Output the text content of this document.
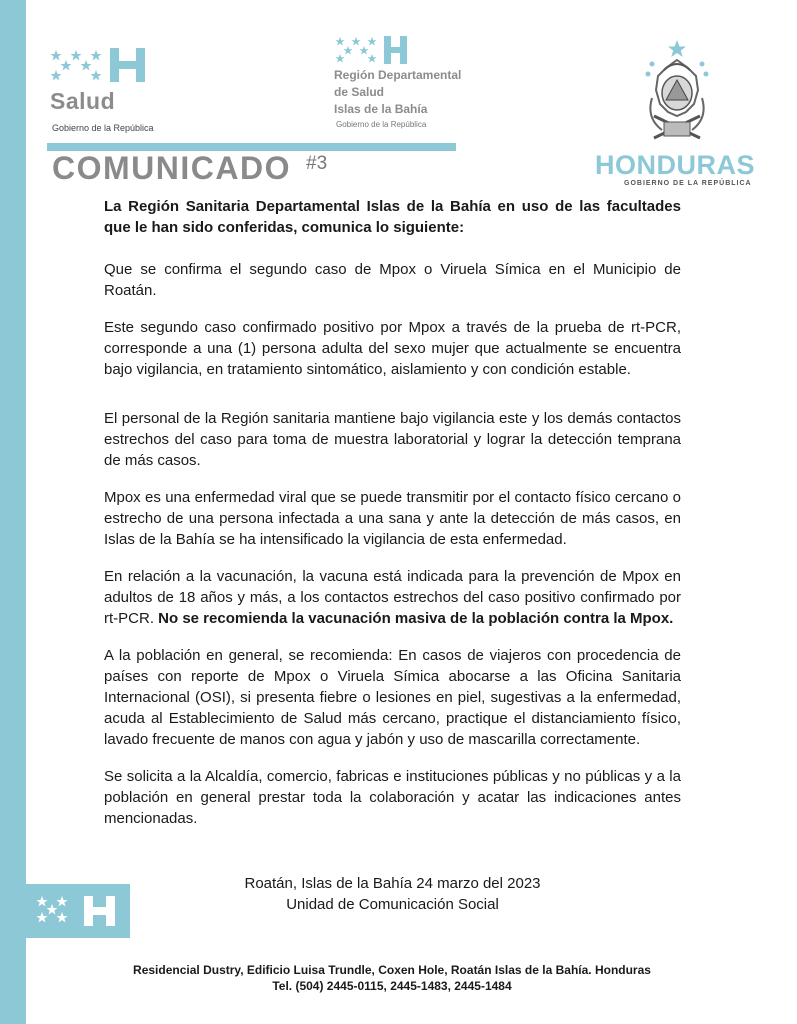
Salud
Gobierno de la República
Región Departamental
de Salud
Islas de la Bahía
Gobierno de la República
COMUNICADO #3	HONDURAS
GOBIERNO DE LA REPÚBLICA

La Región Sanitaria Departamental Islas de la Bahía en uso de las facultades que le han sido conferidas, comunica lo siguiente:

Que se confirma el segundo caso de Mpox o Viruela Símica en el Municipio de Roatán.

Este segundo caso confirmado positivo por Mpox a través de la prueba de rt-PCR, corresponde a una (1) persona adulta del sexo mujer que actualmente se encuentra bajo vigilancia, en tratamiento sintomático, aislamiento y con condición estable.

El personal de la Región sanitaria mantiene bajo vigilancia este y los demás contactos estrechos del caso para toma de muestra laboratorial y lograr la detección temprana de más casos.

Mpox es una enfermedad viral que se puede transmitir por el contacto físico cercano o estrecho de una persona infectada a una sana y ante la detección de más casos, en Islas de la Bahía se ha intensificado la vigilancia de esta enfermedad.

En relación a la vacunación, la vacuna está indicada para la prevención de Mpox en adultos de 18 años y más, a los contactos estrechos del caso positivo confirmado por rt-PCR. No se recomienda la vacunación masiva de la población contra la Mpox.

A la población en general, se recomienda: En casos de viajeros con procedencia de países con reporte de Mpox o Viruela Símica abocarse a las Oficina Sanitaria Internacional (OSI), si presenta fiebre o lesiones en piel, sugestivas a la enfermedad, acuda al Establecimiento de Salud más cercano, practique el distanciamiento físico, lavado frecuente de manos con agua y jabón y uso de mascarilla correctamente.

Se solicita a la Alcaldía, comercio, fabricas e instituciones públicas y no públicas y a la población en general prestar toda la colaboración y acatar las indicaciones antes mencionadas.

Roatán, Islas de la Bahía 24 marzo del 2023
Unidad de Comunicación Social
Residencial Dustry, Edificio Luisa Trundle, Coxen Hole, Roatán Islas de la Bahía. Honduras
Tel. (504) 2445-0115, 2445-1483, 2445-1484
